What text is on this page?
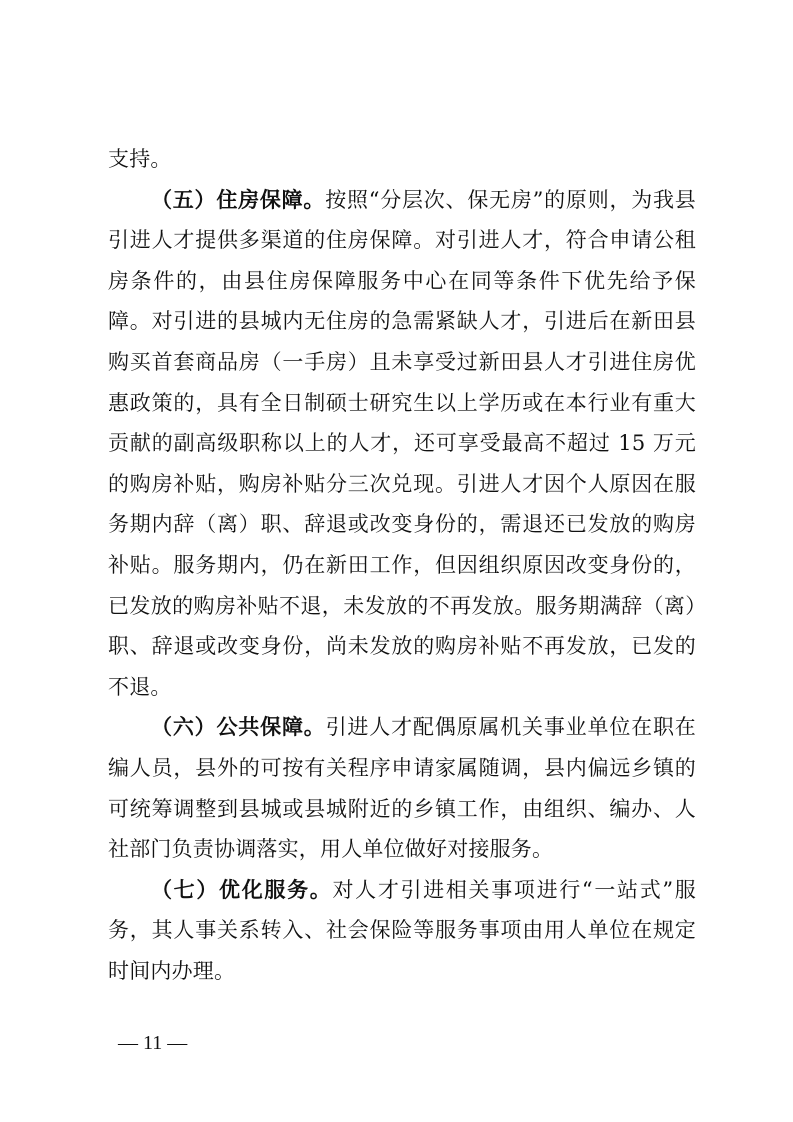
支持。

（五）住房保障。按照“分层次、保无房”的原则，为我县引进人才提供多渠道的住房保障。对引进人才，符合申请公租房条件的，由县住房保障服务中心在同等条件下优先给予保障。对引进的县城内无住房的急需紧缺人才，引进后在新田县购买首套商品房（一手房）且未享受过新田县人才引进住房优惠政策的，具有全日制硕士研究生以上学历或在本行业有重大贡献的副高级职称以上的人才，还可享受最高不超过 15 万元的购房补贴，购房补贴分三次兑现。引进人才因个人原因在服务期内辞（离）职、辞退或改变身份的，需退还已发放的购房补贴。服务期内，仍在新田工作，但因组织原因改变身份的，已发放的购房补贴不退，未发放的不再发放。服务期满辞（离）职、辞退或改变身份，尚未发放的购房补贴不再发放，已发的不退。

（六）公共保障。引进人才配偶原属机关事业单位在职在编人员，县外的可按有关程序申请家属随调，县内偏远乡镇的可统筹调整到县城或县城附近的乡镇工作，由组织、编办、人社部门负责协调落实，用人单位做好对接服务。

（七）优化服务。对人才引进相关事项进行“一站式”服务，其人事关系转入、社会保险等服务事项由用人单位在规定时间内办理。

— 11 —
